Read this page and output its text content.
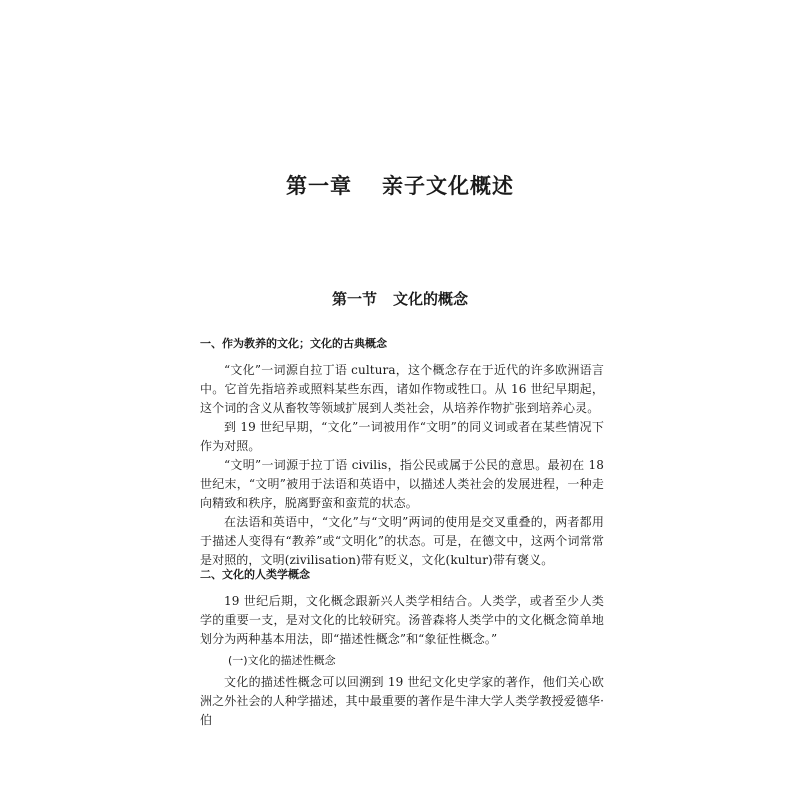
第一章 亲子文化概述
第一节 文化的概念
一、作为教养的文化；文化的古典概念

“文化”一词源自拉丁语 cultura，这个概念存在于近代的许多欧洲语言中。它首先指培养或照料某些东西，诸如作物或牲口。从 16 世纪早期起，这个词的含义从畜牧等领域扩展到人类社会，从培养作物扩张到培养心灵。

到 19 世纪早期，“文化”一词被用作“文明”的同义词或者在某些情况下作为对照。

“文明”一词源于拉丁语 civilis，指公民或属于公民的意思。最初在 18 世纪末，“文明”被用于法语和英语中，以描述人类社会的发展进程，一种走向精致和秩序，脱离野蛮和蛮荒的状态。

在法语和英语中，“文化”与“文明”两词的使用是交叉重叠的，两者都用于描述人变得有“教养”或“文明化”的状态。可是，在德文中，这两个词常常是对照的，文明(zivilisation)带有贬义，文化(kultur)带有褒义。

二、文化的人类学概念

19 世纪后期，文化概念跟新兴人类学相结合。人类学，或者至少人类学的重要一支，是对文化的比较研究。汤普森将人类学中的文化概念简单地划分为两种基本用法，即“描述性概念”和“象征性概念。”

(一)文化的描述性概念

文化的描述性概念可以回溯到 19 世纪文化史学家的著作，他们关心欧洲之外社会的人种学描述，其中最重要的著作是牛津大学人类学教授爱德华·伯
